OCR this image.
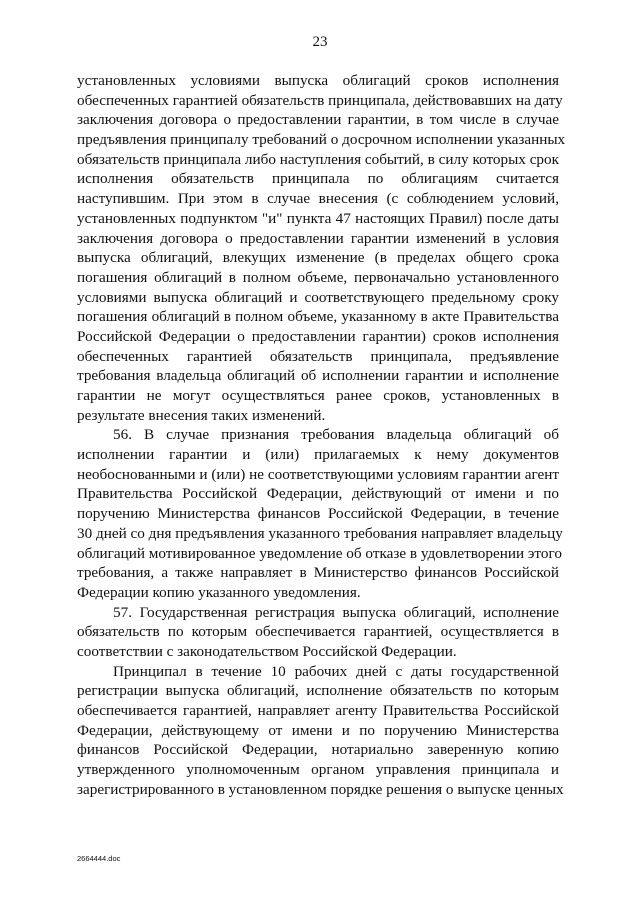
23
установленных условиями выпуска облигаций сроков исполнения
обеспеченных гарантией обязательств принципала, действовавших на дату
заключения договора о предоставлении гарантии, в том числе в случае
предъявления принципалу требований о досрочном исполнении указанных
обязательств принципала либо наступления событий, в силу которых срок
исполнения обязательств принципала по облигациям считается
наступившим. При этом в случае внесения (с соблюдением условий,
установленных подпунктом "и" пункта 47 настоящих Правил) после даты
заключения договора о предоставлении гарантии изменений в условия
выпуска облигаций, влекущих изменение (в пределах общего срока
погашения облигаций в полном объеме, первоначально установленного
условиями выпуска облигаций и соответствующего предельному сроку
погашения облигаций в полном объеме, указанному в акте Правительства
Российской Федерации о предоставлении гарантии) сроков исполнения
обеспеченных гарантией обязательств принципала, предъявление
требования владельца облигаций об исполнении гарантии и исполнение
гарантии не могут осуществляться ранее сроков, установленных в
результате внесения таких изменений.
56. В случае признания требования владельца облигаций об
исполнении гарантии и (или) прилагаемых к нему документов
необоснованными и (или) не соответствующими условиям гарантии агент
Правительства Российской Федерации, действующий от имени и по
поручению Министерства финансов Российской Федерации, в течение
30 дней со дня предъявления указанного требования направляет владельцу
облигаций мотивированное уведомление об отказе в удовлетворении этого
требования, а также направляет в Министерство финансов Российской
Федерации копию указанного уведомления.
57. Государственная регистрация выпуска облигаций, исполнение
обязательств по которым обеспечивается гарантией, осуществляется в
соответствии с законодательством Российской Федерации.
Принципал в течение 10 рабочих дней с даты государственной
регистрации выпуска облигаций, исполнение обязательств по которым
обеспечивается гарантией, направляет агенту Правительства Российской
Федерации, действующему от имени и по поручению Министерства
финансов Российской Федерации, нотариально заверенную копию
утвержденного уполномоченным органом управления принципала и
зарегистрированного в установленном порядке решения о выпуске ценных
2664444.doc
